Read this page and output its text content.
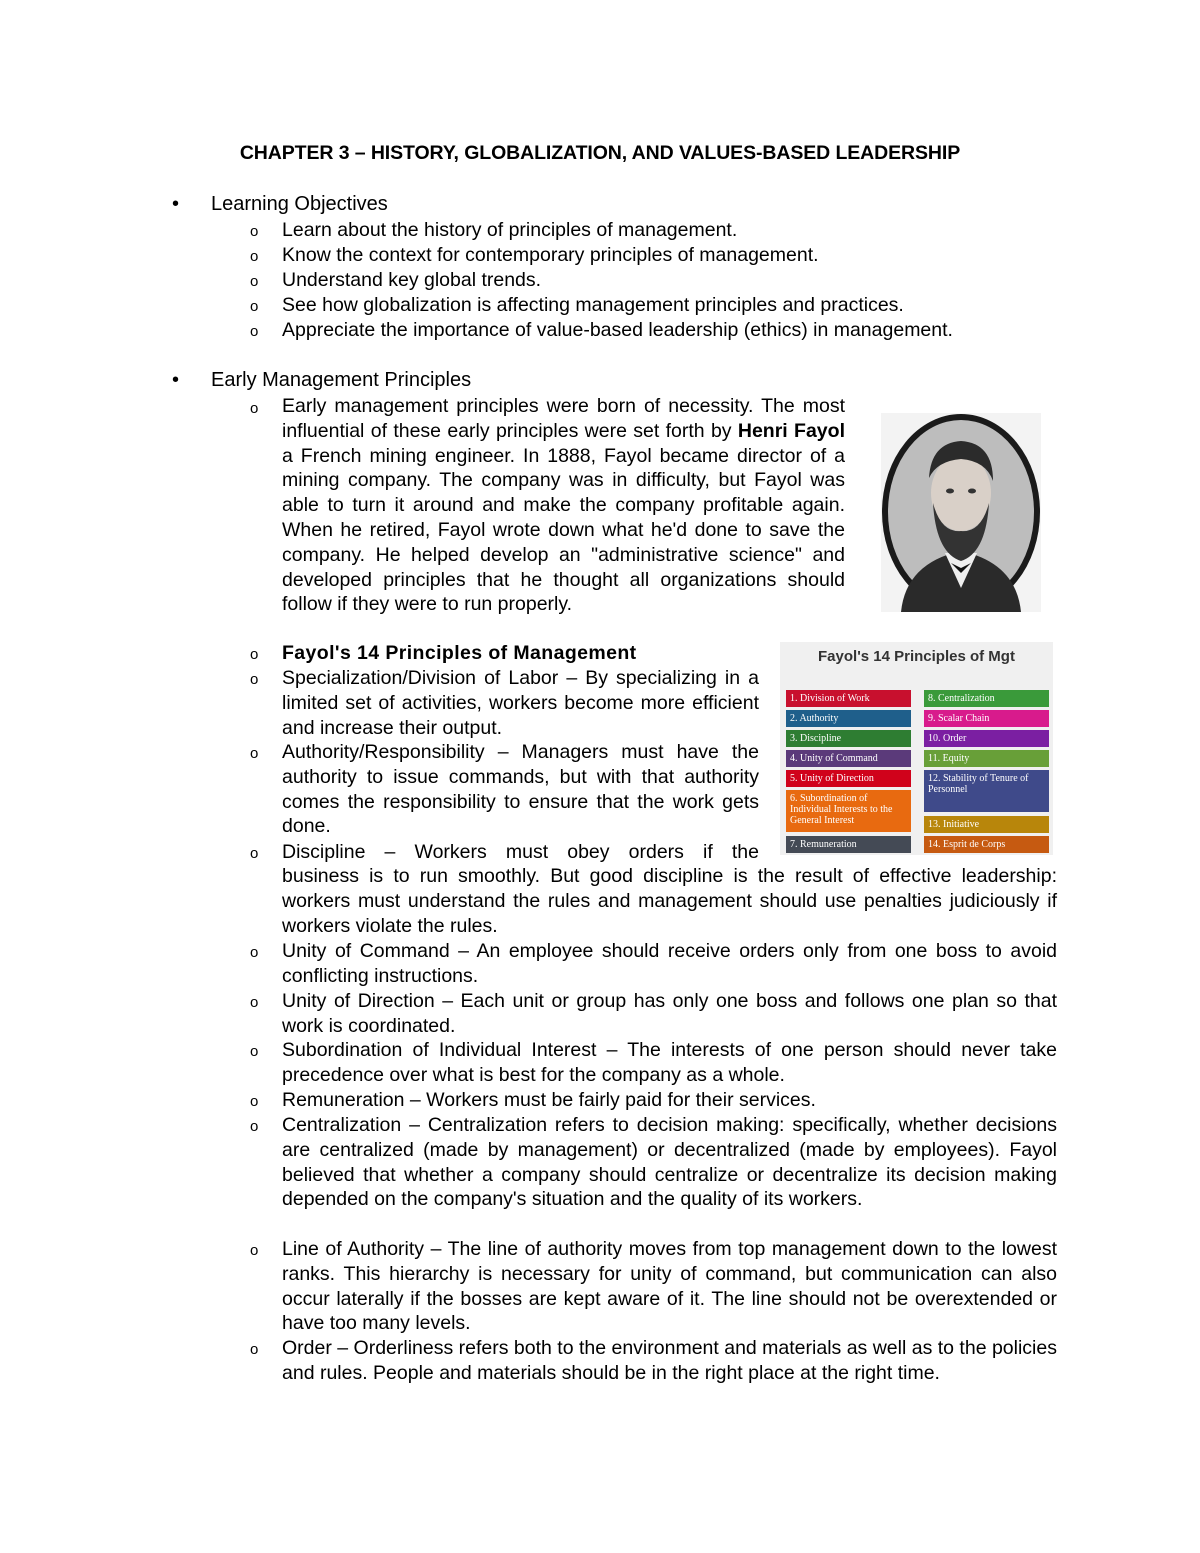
CHAPTER 3 – HISTORY, GLOBALIZATION, AND VALUES-BASED LEADERSHIP
• Learning Objectives
o Learn about the history of principles of management.
o Know the context for contemporary principles of management.
o Understand key global trends.
o See how globalization is affecting management principles and practices.
o Appreciate the importance of value-based leadership (ethics) in management.
• Early Management Principles
o Early management principles were born of necessity. The most influential of these early principles were set forth by Henri Fayol a French mining engineer. In 1888, Fayol became director of a mining company. The company was in difficulty, but Fayol was able to turn it around and make the company profitable again. When he retired, Fayol wrote down what he'd done to save the company. He helped develop an "administrative science" and developed principles that he thought all organizations should follow if they were to run properly.
o Fayol's 14 Principles of Management
o Specialization/Division of Labor – By specializing in a limited set of activities, workers become more efficient and increase their output.
o Authority/Responsibility – Managers must have the authority to issue commands, but with that authority comes the responsibility to ensure that the work gets done.
o Discipline – Workers must obey orders if the

business is to run smoothly. But good discipline is the result of effective leadership: workers must understand the rules and management should use penalties judiciously if workers violate the rules.
o Unity of Command – An employee should receive orders only from one boss to avoid conflicting instructions.
o Unity of Direction – Each unit or group has only one boss and follows one plan so that work is coordinated.
o Subordination of Individual Interest – The interests of one person should never take precedence over what is best for the company as a whole.
o Remuneration – Workers must be fairly paid for their services.
o Centralization – Centralization refers to decision making: specifically, whether decisions are centralized (made by management) or decentralized (made by employees). Fayol believed that whether a company should centralize or decentralize its decision making depended on the company's situation and the quality of its workers.
o Line of Authority – The line of authority moves from top management down to the lowest ranks. This hierarchy is necessary for unity of command, but communication can also occur laterally if the bosses are kept aware of it. The line should not be overextended or have too many levels.
o Order – Orderliness refers both to the environment and materials as well as to the policies and rules. People and materials should be in the right place at the right time.
Fayol's 14 Principles of Mgt
1. Division of Work
2. Authority
3. Discipline
4. Unity of Command
5. Unity of Direction
6. Subordination of Individual Interests to the General Interest
7. Remuneration
8. Centralization
9. Scalar Chain
10. Order
11. Equity
12. Stability of Tenure of Personnel
13. Initiative
14. Esprit de Corps
